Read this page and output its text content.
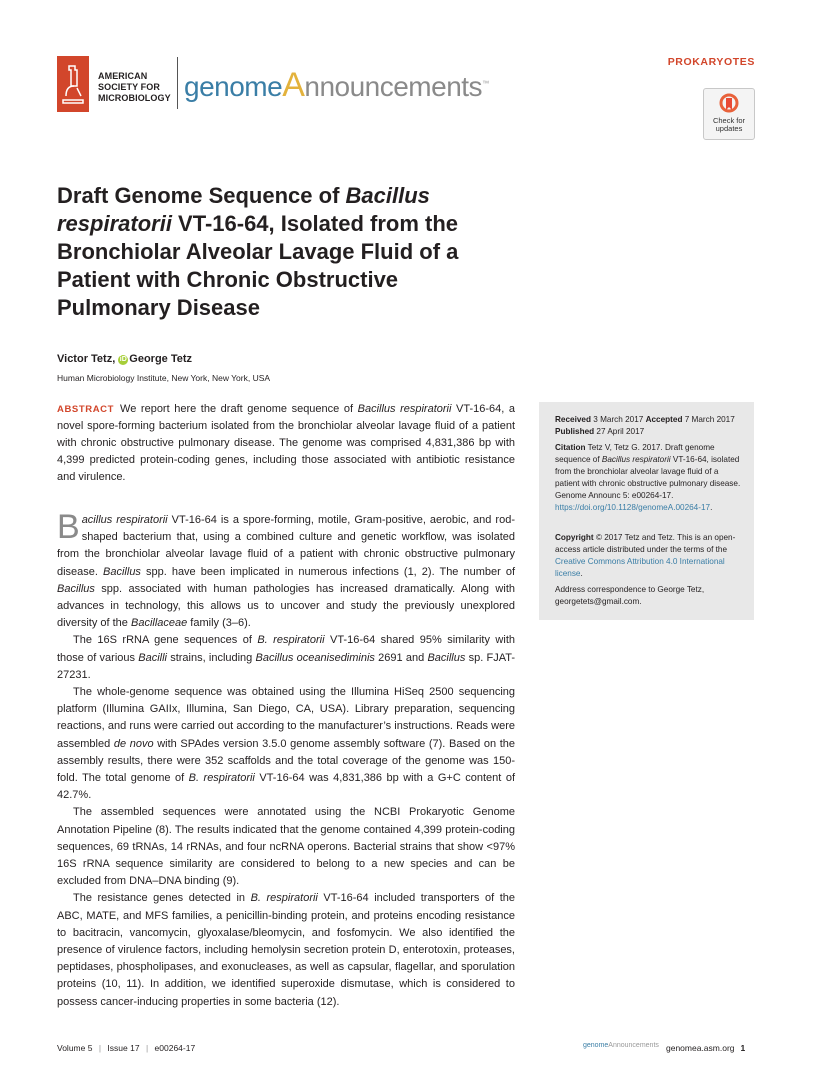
AMERICAN
SOCIETY FOR
MICROBIOLOGY genomeAnnouncements™
PROKARYOTES
Check for
updates
Draft Genome Sequence of Bacillus respiratorii VT-16-64, Isolated from the Bronchiolar Alveolar Lavage Fluid of a Patient with Chronic Obstructive Pulmonary Disease
Victor Tetz, iD George Tetz
Human Microbiology Institute, New York, New York, USA
ABSTRACT We report here the draft genome sequence of Bacillus respiratorii VT-16-64, a novel spore-forming bacterium isolated from the bronchiolar alveolar lavage fluid of a patient with chronic obstructive pulmonary disease. The genome was comprised 4,831,386 bp with 4,399 predicted protein-coding genes, including those associated with antibiotic resistance and virulence.

Bacillus respiratorii VT-16-64 is a spore-forming, motile, Gram-positive, aerobic, and rod-shaped bacterium that, using a combined culture and genetic workflow, was isolated from the bronchiolar alveolar lavage fluid of a patient with chronic obstructive pulmonary disease. Bacillus spp. have been implicated in numerous infections (1, 2). The number of Bacillus spp. associated with human pathologies has increased dramatically. Along with advances in technology, this allows us to uncover and study the previously unexplored diversity of the Bacillaceae family (3–6).

The 16S rRNA gene sequences of B. respiratorii VT-16-64 shared 95% similarity with those of various Bacilli strains, including Bacillus oceanisediminis 2691 and Bacillus sp. FJAT-27231.

The whole-genome sequence was obtained using the Illumina HiSeq 2500 sequencing platform (Illumina GAIIx, Illumina, San Diego, CA, USA). Library preparation, sequencing reactions, and runs were carried out according to the manufacturer’s instructions. Reads were assembled de novo with SPAdes version 3.5.0 genome assembly software (7). Based on the assembly results, there were 352 scaffolds and the total coverage of the genome was 150-fold. The total genome of B. respiratorii VT-16-64 was 4,831,386 bp with a G+C content of 42.7%.

The assembled sequences were annotated using the NCBI Prokaryotic Genome Annotation Pipeline (8). The results indicated that the genome contained 4,399 protein-coding sequences, 69 tRNAs, 14 rRNAs, and four ncRNA operons. Bacterial strains that show <97% 16S rRNA sequence similarity are considered to belong to a new species and can be excluded from DNA–DNA binding (9).

The resistance genes detected in B. respiratorii VT-16-64 included transporters of the ABC, MATE, and MFS families, a penicillin-binding protein, and proteins encoding resistance to bacitracin, vancomycin, glyoxalase/bleomycin, and fosfomycin. We also identified the presence of virulence factors, including hemolysin secretion protein D, enterotoxin, proteases, peptidases, phospholipases, and exonucleases, as well as capsular, flagellar, and sporulation proteins (10, 11). In addition, we identified superoxide dismutase, which is considered to possess cancer-inducing properties in some bacteria (12).

Received 3 March 2017 Accepted 7 March 2017 Published 27 April 2017
Citation Tetz V, Tetz G. 2017. Draft genome sequence of Bacillus respiratorii VT-16-64, isolated from the bronchiolar alveolar lavage fluid of a patient with chronic obstructive pulmonary disease. Genome Announc 5: e00264-17. https://doi.org/10.1128/genomeA.00264-17.
Copyright © 2017 Tetz and Tetz. This is an open-access article distributed under the terms of the Creative Commons Attribution 4.0 International license.
Address correspondence to George Tetz, georgetets@gmail.com.
Volume 5 | Issue 17 | e00264-17	genomeAnnouncements genomea.asm.org 1
